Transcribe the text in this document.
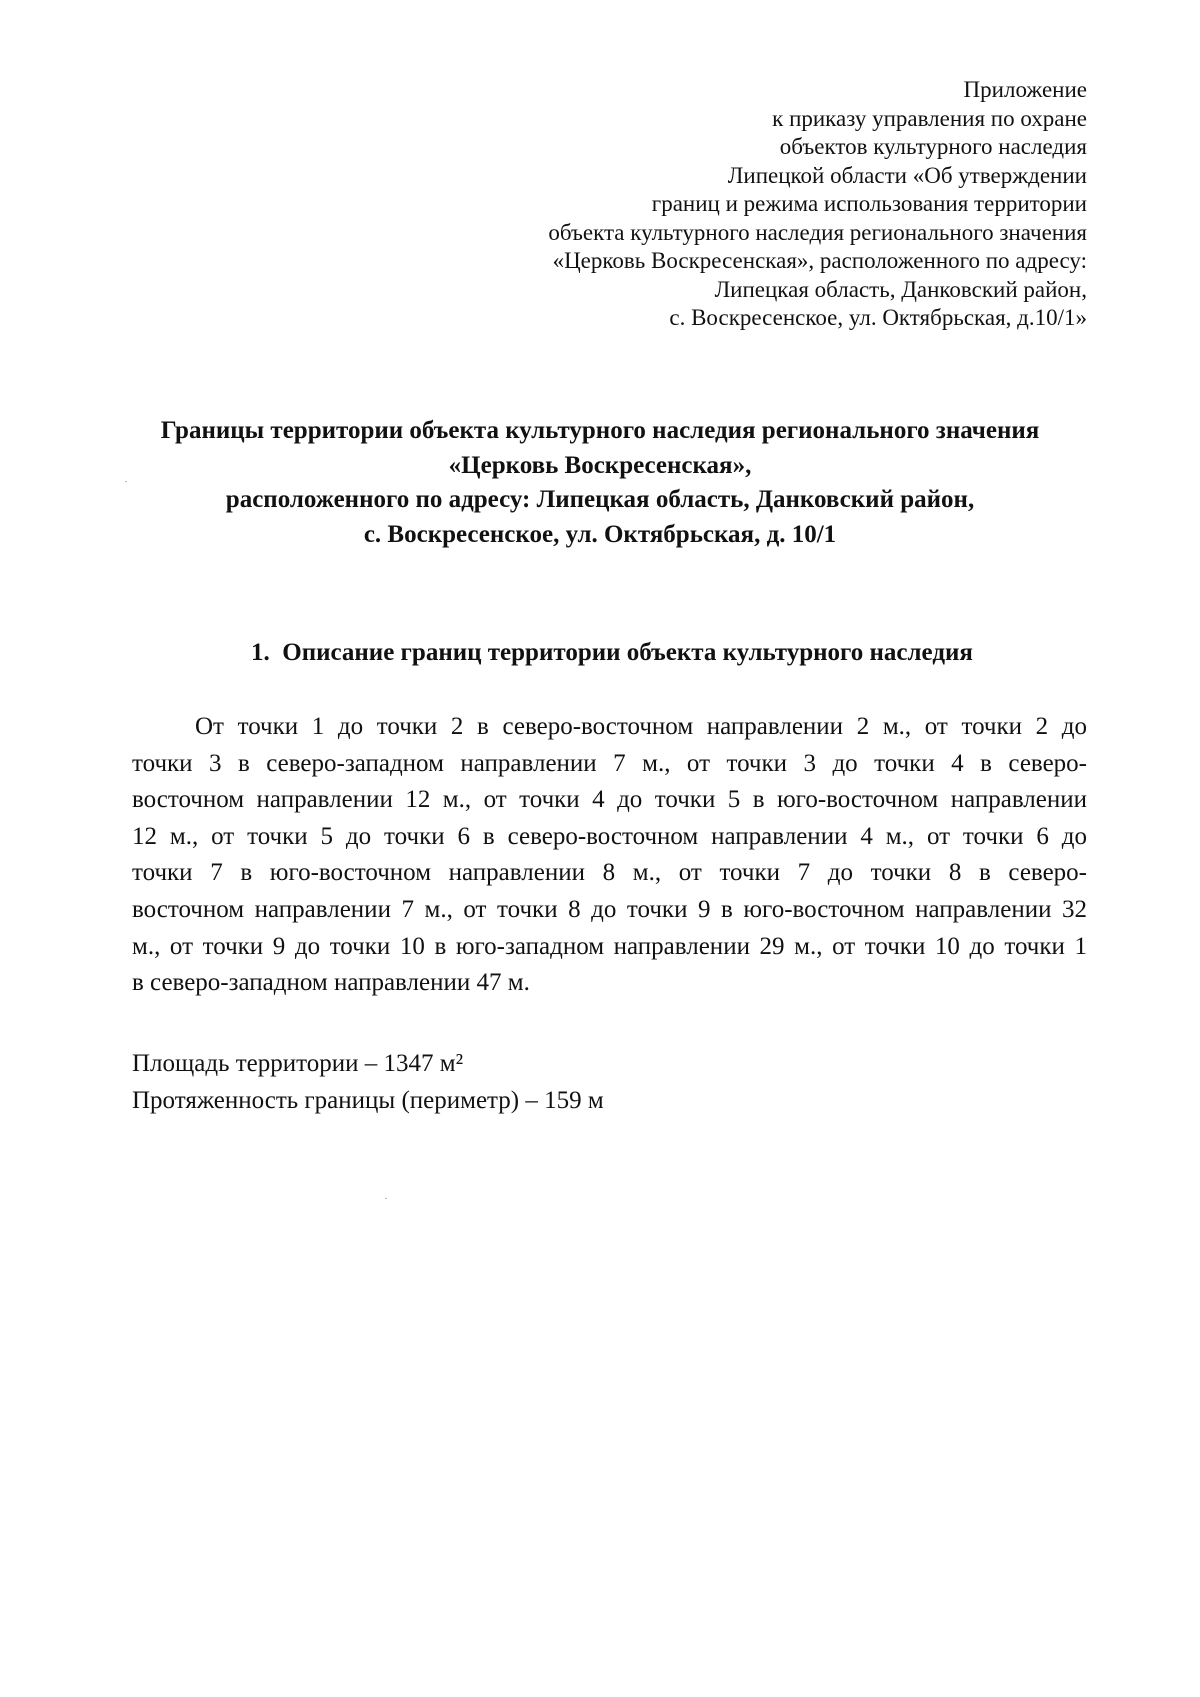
Приложение
к приказу управления по охране
объектов культурного наследия
Липецкой области «Об утверждении
границ и режима использования территории
объекта культурного наследия регионального значения
«Церковь Воскресенская», расположенного по адресу:
Липецкая область, Данковский район,
с. Воскресенское, ул. Октябрьская, д.10/1»
Границы территории объекта культурного наследия регионального значения
«Церковь Воскресенская»,
расположенного по адресу: Липецкая область, Данковский район,
с. Воскресенское, ул. Октябрьская, д. 10/1
1. Описание границ территории объекта культурного наследия
От точки 1 до точки 2 в северо-восточном направлении 2 м., от точки 2 до
точки 3 в северо-западном направлении 7 м., от точки 3 до точки 4 в северо-
восточном направлении 12 м., от точки 4 до точки 5 в юго-восточном направлении
12 м., от точки 5 до точки 6 в северо-восточном направлении 4 м., от точки 6 до
точки 7 в юго-восточном направлении 8 м., от точки 7 до точки 8 в северо-
восточном направлении 7 м., от точки 8 до точки 9 в юго-восточном направлении 32
м., от точки 9 до точки 10 в юго-западном направлении 29 м., от точки 10 до точки 1
в северо-западном направлении 47 м.
Площадь территории – 1347 м²
Протяженность границы (периметр) – 159 м
